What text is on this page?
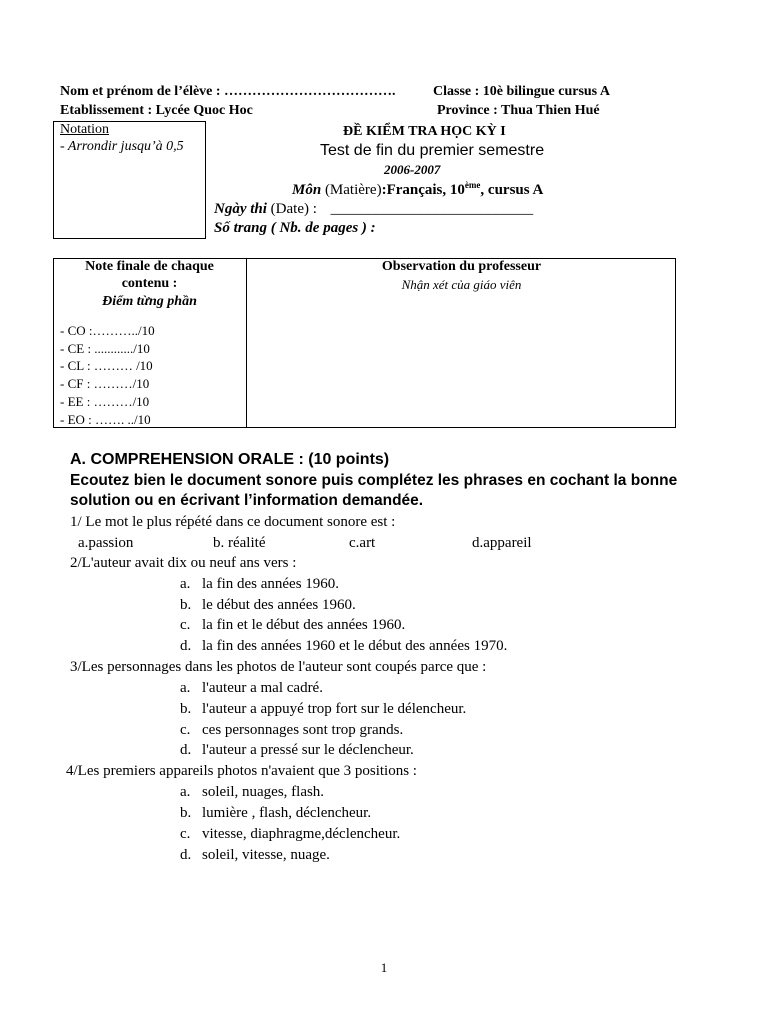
Nom et prénom de l’élève : ……………………………….	Classe : 10è bilingue cursus A
Etablissement : Lycée Quoc Hoc	Province : Thua Thien Hué
Notation
- Arrondir jusqu’à 0,5
ĐỀ KIỂM TRA HỌC KỲ I
Test de fin du premier semestre
2006-2007
Môn (Matière):Français, 10ème, cursus A
Ngày thi (Date) : ___________________________
Số trang ( Nb. de pages ) :
Note finale de chaque
contenu :
Điểm từng phần
- CO :………../10
- CE : ............/10
- CL : ……… /10
- CF : ………/10
- EE : ………/10
- EO : ……. ../10
Observation du professeur
Nhận xét của giáo viên
A. COMPREHENSION ORALE : (10 points)
Ecoutez bien le document sonore puis complétez les phrases en cochant la bonne
solution ou en écrivant l’information demandée.
1/ Le mot le plus répété dans ce document sonore est :
a.passion	b. réalité	c.art	d.appareil
2/L'auteur avait dix ou neuf ans vers :
a. la fin des années 1960.
b. le début des années 1960.
c. la fin et le début des années 1960.
d. la fin des années 1960 et le début des années 1970.
3/Les personnages dans les photos de l'auteur sont coupés parce que :
a. l'auteur a mal cadré.
b. l'auteur a appuyé trop fort sur le délencheur.
c. ces personnages sont trop grands.
d. l'auteur a pressé sur le déclencheur.
4/Les premiers appareils photos n'avaient que 3 positions :
a. soleil, nuages, flash.
b. lumière , flash, déclencheur.
c. vitesse, diaphragme,déclencheur.
d. soleil, vitesse, nuage.
1
